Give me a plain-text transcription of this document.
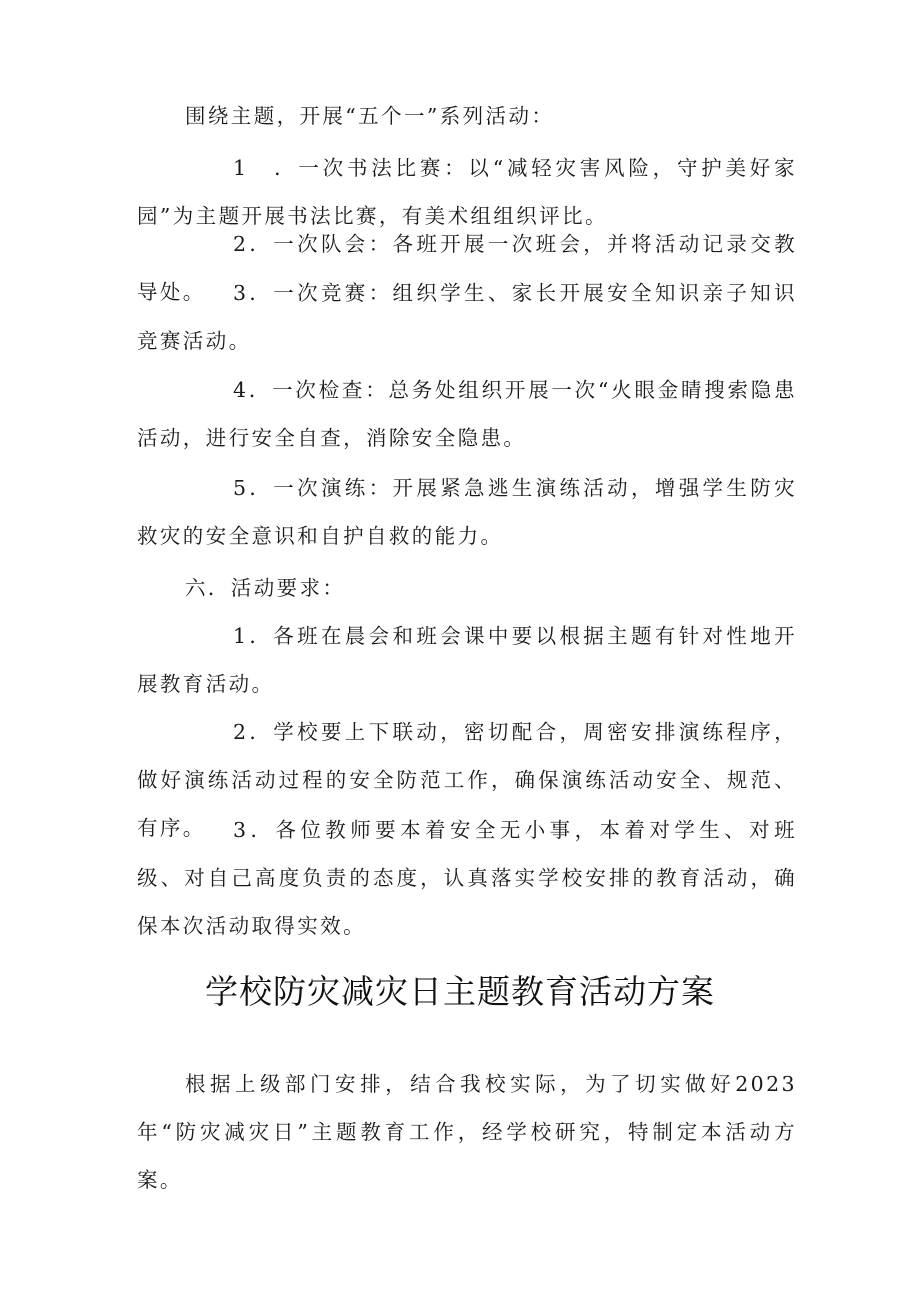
围绕主题，开展“五个一”系列活动：

1　．一次书法比赛：以“减轻灾害风险，守护美好家园”为主题开展书法比赛，有美术组组织评比。

2．一次队会：各班开展一次班会，并将活动记录交教导处。	3．一次竞赛：组织学生、家长开展安全知识亲子知识竞赛活动。

4．一次检查：总务处组织开展一次“火眼金睛搜索隐患活动，进行安全自查，消除安全隐患。

5．一次演练：开展紧急逃生演练活动，增强学生防灾救灾的安全意识和自护自救的能力。

六．活动要求：

1．各班在晨会和班会课中要以根据主题有针对性地开展教育活动。

2．学校要上下联动，密切配合，周密安排演练程序，做好演练活动过程的安全防范工作，确保演练活动安全、规范、有序。	3．各位教师要本着安全无小事，本着对学生、对班级、对自己高度负责的态度，认真落实学校安排的教育活动，确保本次活动取得实效。

学校防灾减灾日主题教育活动方案

根据上级部门安排，结合我校实际，为了切实做好2023年“防灾减灾日”主题教育工作，经学校研究，特制定本活动方案。
